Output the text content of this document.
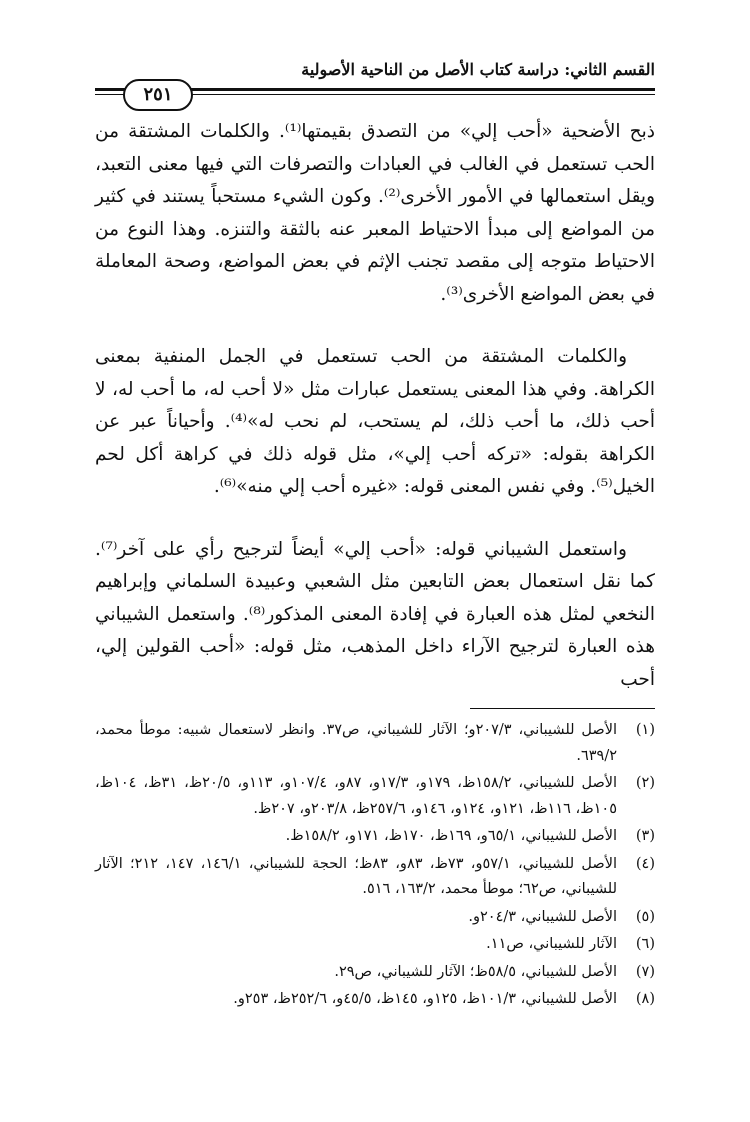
القسم الثاني: دراسة كتاب الأصل من الناحية الأصولية
٢٥١

ذبح الأضحية «أحب إلي» من التصدق بقيمتها⁽¹⁾. والكلمات المشتقة من الحب تستعمل في الغالب في العبادات والتصرفات التي فيها معنى التعبد، ويقل استعمالها في الأمور الأخرى⁽²⁾. وكون الشيء مستحباً يستند في كثير من المواضع إلى مبدأ الاحتياط المعبر عنه بالثقة والتنزه. وهذا النوع من الاحتياط متوجه إلى مقصد تجنب الإثم في بعض المواضع، وصحة المعاملة في بعض المواضع الأخرى⁽³⁾.

والكلمات المشتقة من الحب تستعمل في الجمل المنفية بمعنى الكراهة. وفي هذا المعنى يستعمل عبارات مثل «لا أحب له، ما أحب له، لا أحب ذلك، ما أحب ذلك، لم يستحب، لم نحب له»⁽⁴⁾. وأحياناً عبر عن الكراهة بقوله: «تركه أحب إلي»، مثل قوله ذلك في كراهة أكل لحم الخيل⁽⁵⁾. وفي نفس المعنى قوله: «غيره أحب إلي منه»⁽⁶⁾.

واستعمل الشيباني قوله: «أحب إلي» أيضاً لترجيح رأي على آخر⁽⁷⁾. كما نقل استعمال بعض التابعين مثل الشعبي وعبيدة السلماني وإبراهيم النخعي لمثل هذه العبارة في إفادة المعنى المذكور⁽⁸⁾. واستعمل الشيباني هذه العبارة لترجيح الآراء داخل المذهب، مثل قوله: «أحب القولين إلي، أحب

(١)
الأصل للشيباني، ٢٠٧/٣و؛ الآثار للشيباني، ص٣٧. وانظر لاستعمال شبيه: موطأ محمد، ٦٣٩/٢.
(٢)
الأصل للشيباني، ١٥٨/٢ظ، ١٧٩و، ١٧/٣و، ٨٧و، ١٠٧/٤و، ١١٣و، ٢٠/٥ظ، ٣١ظ، ١٠٤ظ، ١٠٥ظ، ١١٦ظ، ١٢١و، ١٢٤و، ١٤٦و، ٢٥٧/٦ظ، ٢٠٣/٨و، ٢٠٧ظ.
(٣)
الأصل للشيباني، ٦٥/١و، ١٦٩ظ، ١٧٠ظ، ١٧١و، ١٥٨/٢ظ.
(٤)
الأصل للشيباني، ٥٧/١و، ٧٣ظ، ٨٣و، ٨٣ظ؛ الحجة للشيباني، ١٤٦/١، ١٤٧، ٢١٢؛ الآثار للشيباني، ص٦٢؛ موطأ محمد، ١٦٣/٢، ٥١٦.
(٥)
الأصل للشيباني، ٢٠٤/٣و.
(٦)
الآثار للشيباني، ص١١.
(٧)
الأصل للشيباني، ٥٨/٥ظ؛ الآثار للشيباني، ص٢٩.
(٨)
الأصل للشيباني، ١٠١/٣ظ، ١٢٥و، ١٤٥ظ، ٤٥/٥و، ٢٥٢/٦ظ، ٢٥٣و.
